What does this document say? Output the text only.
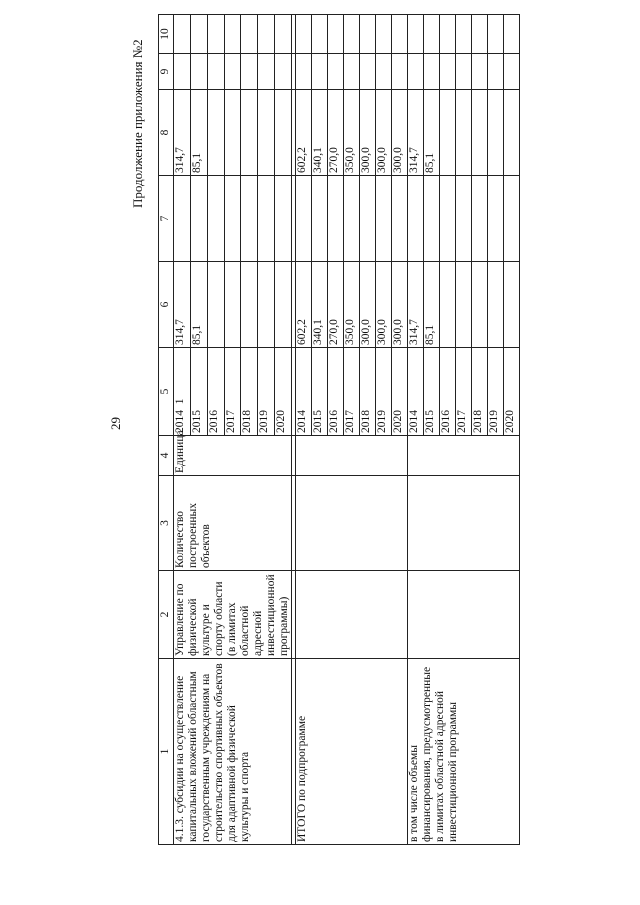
29
Продолжение приложения №2
1	2	3	4	5	6	7	8	9	10
4.1.3. субсидии на осуществление капитальных вложений областным государственным учреждениям на строительство спортивных объектов для адаптивной физической культуры и спорта	Управление по физической культуре и спорту области (в лимитах областной адресной инвестиционной программы)	Количество построенных объектов	Единица	2014  1	314,7		314,7		
				2015	85,1		85,1		
				2016					
				2017					
				2018					
				2019					
				2020					

ИТОГО по подпрограмме				2014	602,2		602,2		
				2015	340,1		340,1		
				2016	270,0		270,0		
				2017	350,0		350,0		
				2018	300,0		300,0		
				2019	300,0		300,0		
				2020	300,0		300,0		
в том числе объемы финансирования, предусмотренные в лимитах областной адресной инвестиционной программы				2014	314,7		314,7		
				2015	85,1		85,1		
				2016					
				2017					
				2018					
				2019					
				2020					
